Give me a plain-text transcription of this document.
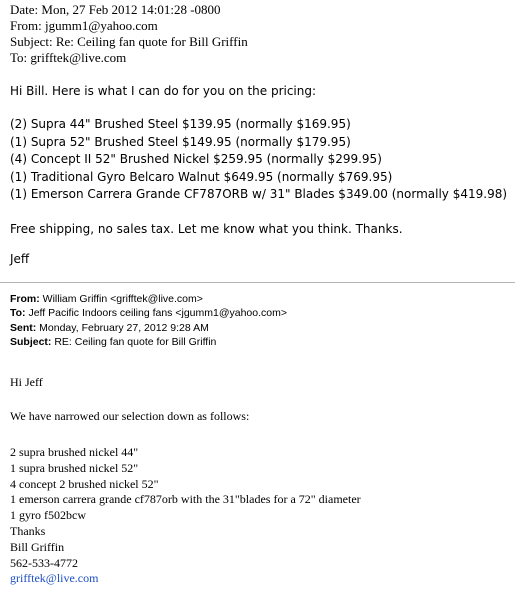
Date: Mon, 27 Feb 2012 14:01:28 -0800
From: jgumm1@yahoo.com
Subject: Re: Ceiling fan quote for Bill Griffin
To: grifftek@live.com

Hi Bill. Here is what I can do for you on the pricing:

(2) Supra 44" Brushed Steel $139.95 (normally $169.95)

(1) Supra 52" Brushed Steel $149.95 (normally $179.95)

(4) Concept II 52" Brushed Nickel $259.95 (normally $299.95)

(1) Traditional Gyro Belcaro Walnut $649.95 (normally $769.95)

(1) Emerson Carrera Grande CF787ORB w/ 31" Blades $349.00 (normally $419.98)

Free shipping, no sales tax. Let me know what you think. Thanks.

Jeff

From: William Griffin <grifftek@live.com>
To: Jeff Pacific Indoors ceiling fans <jgumm1@yahoo.com>
Sent: Monday, February 27, 2012 9:28 AM
Subject: RE: Ceiling fan quote for Bill Griffin
Hi Jeff
We have narrowed our selection down as follows:
2 supra brushed nickel 44"
1 supra brushed nickel 52"
4 concept 2 brushed nickel 52"
1 emerson carrera grande cf787orb with the 31"blades for a 72" diameter
1 gyro f502bcw
Thanks
Bill Griffin
562-533-4772
grifftek@live.com
